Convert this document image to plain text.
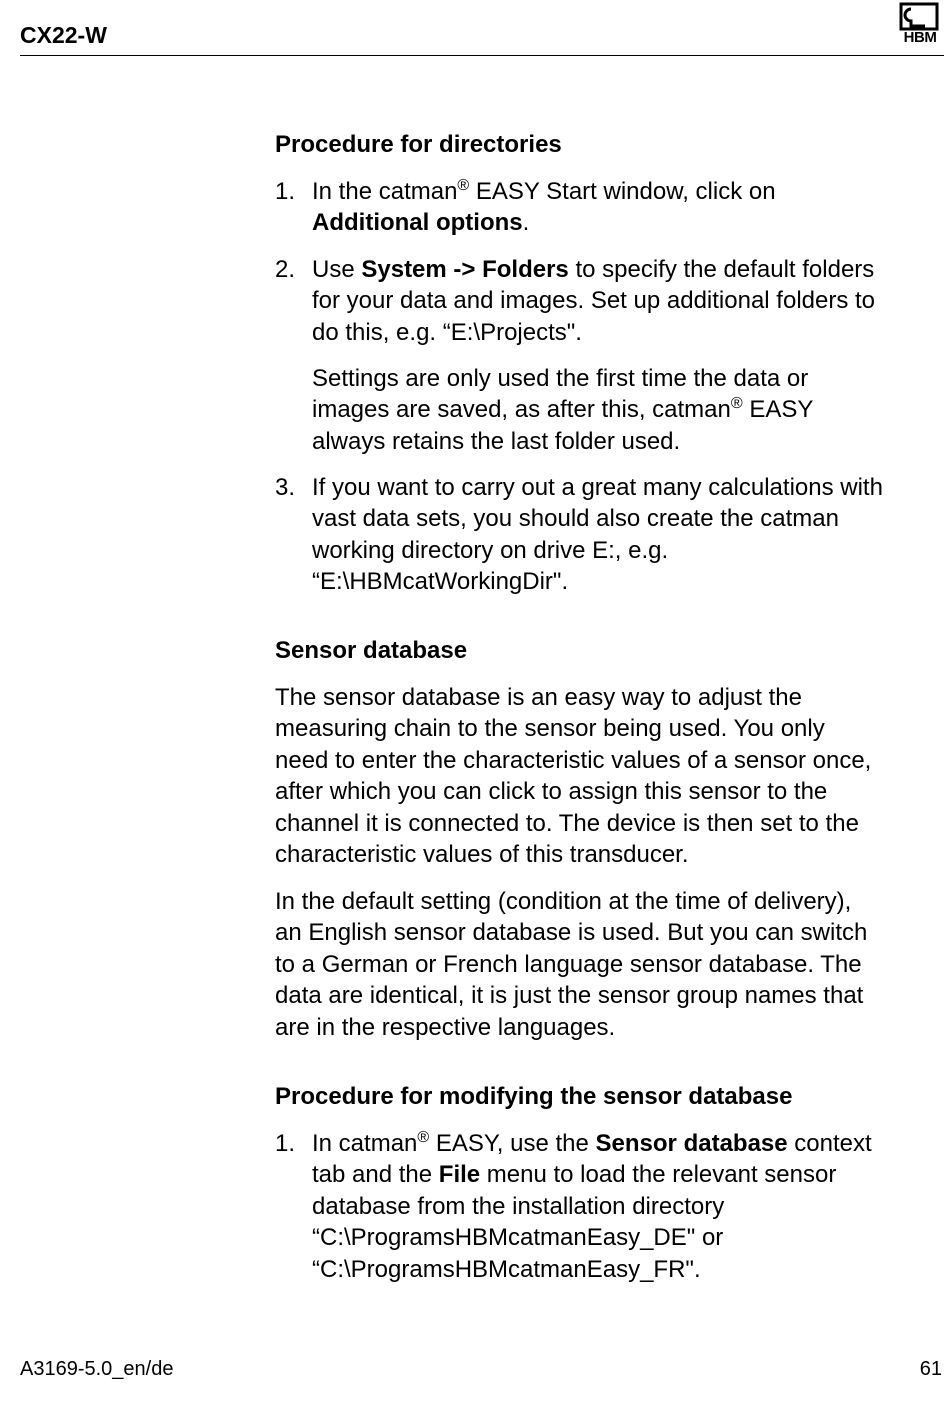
CX22-W	HBM
Procedure for directories
1. In the catman® EASY Start window, click on
Additional options.
2. Use System -> Folders to specify the default folders
for your data and images. Set up additional folders to
do this, e.g. “E:\Projects".
Settings are only used the first time the data or
images are saved, as after this, catman® EASY
always retains the last folder used.
3. If you want to carry out a great many calculations with
vast data sets, you should also create the catman
working directory on drive E:, e.g.
“E:\HBMcatWorkingDir".
Sensor database
The sensor database is an easy way to adjust the
measuring chain to the sensor being used. You only
need to enter the characteristic values of a sensor once,
after which you can click to assign this sensor to the
channel it is connected to. The device is then set to the
characteristic values of this transducer.
In the default setting (condition at the time of delivery),
an English sensor database is used. But you can switch
to a German or French language sensor database. The
data are identical, it is just the sensor group names that
are in the respective languages.
Procedure for modifying the sensor database
1. In catman® EASY, use the Sensor database context
tab and the File menu to load the relevant sensor
database from the installation directory
“C:\ProgramsHBMcatmanEasy_DE" or
“C:\ProgramsHBMcatmanEasy_FR".
A3169-5.0_en/de	61
